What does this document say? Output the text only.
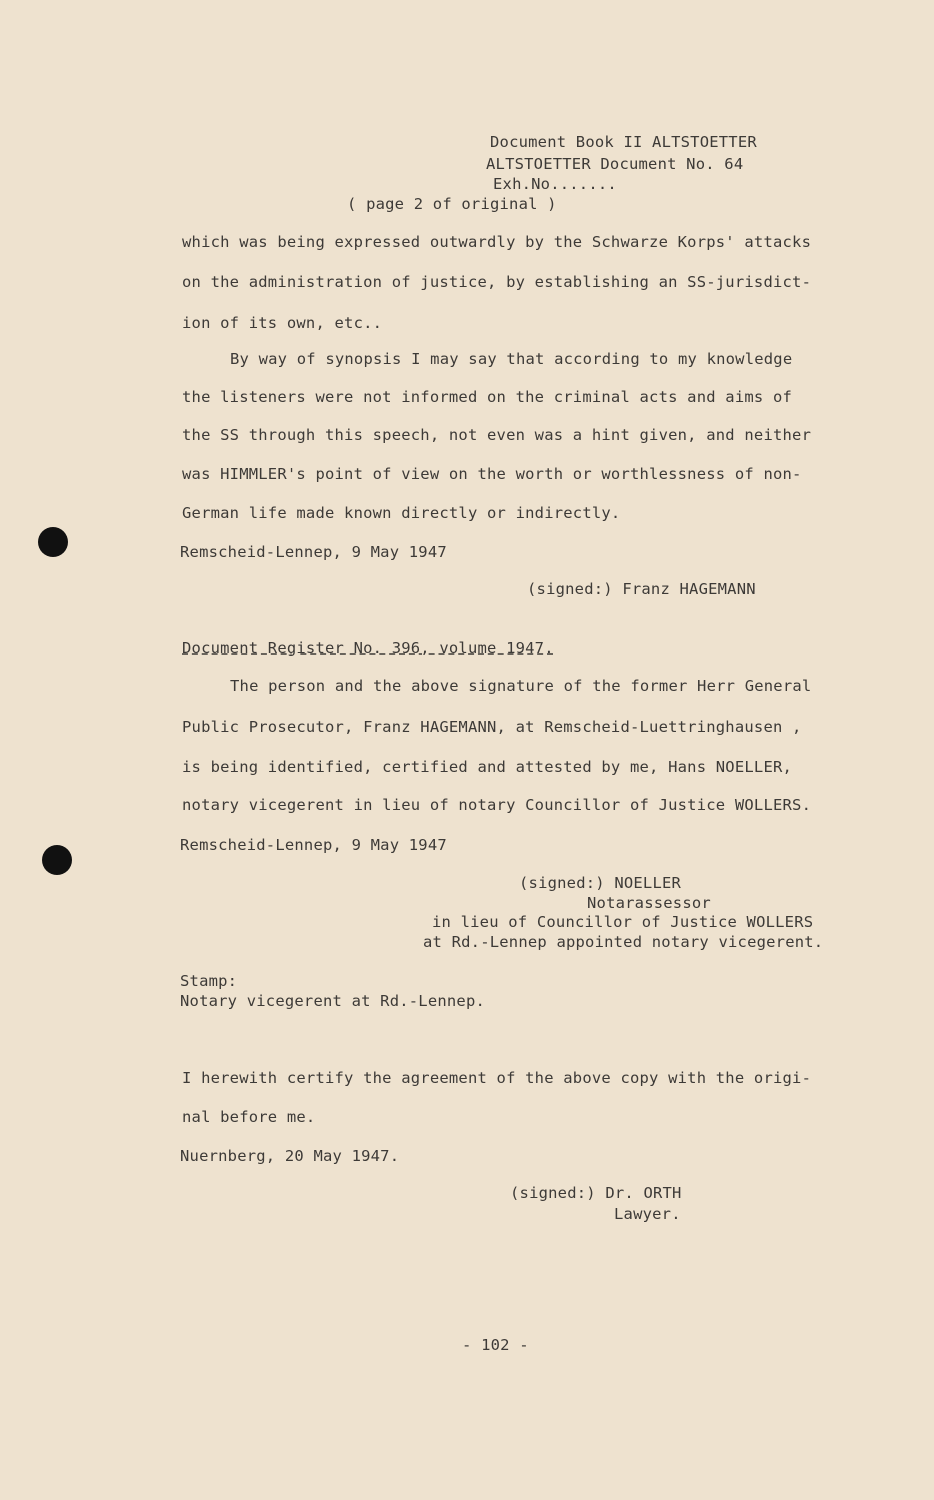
Document Book II ALTSTOETTER
ALTSTOETTER Document No. 64
Exh.No.......
( page 2 of original )
which was being expressed outwardly by the Schwarze Korps' attacks
on the administration of justice, by establishing an SS-jurisdict-
ion of its own, etc..
By way of synopsis I may say that according to my knowledge
the listeners were not informed on the criminal acts and aims of
the SS through this speech, not even was a hint given, and neither
was HIMMLER's point of view on the worth or worthlessness of non-
German life made known directly or indirectly.
Remscheid-Lennep, 9 May 1947
(signed:) Franz HAGEMANN
Document Register No. 396, volume 1947.
The person and the above signature of the former Herr General
Public Prosecutor, Franz HAGEMANN, at Remscheid-Luettringhausen ,
is being identified, certified and attested by me, Hans NOELLER,
notary vicegerent in lieu of notary Councillor of Justice WOLLERS.
Remscheid-Lennep, 9 May 1947
(signed:) NOELLER
Notarassessor
in lieu of Councillor of Justice WOLLERS
at Rd.-Lennep appointed notary vicegerent.
Stamp:
Notary vicegerent at Rd.-Lennep.
I herewith certify the agreement of the above copy with the origi-
nal before me.
Nuernberg, 20 May 1947.
(signed:) Dr. ORTH
Lawyer.
- 102 -
